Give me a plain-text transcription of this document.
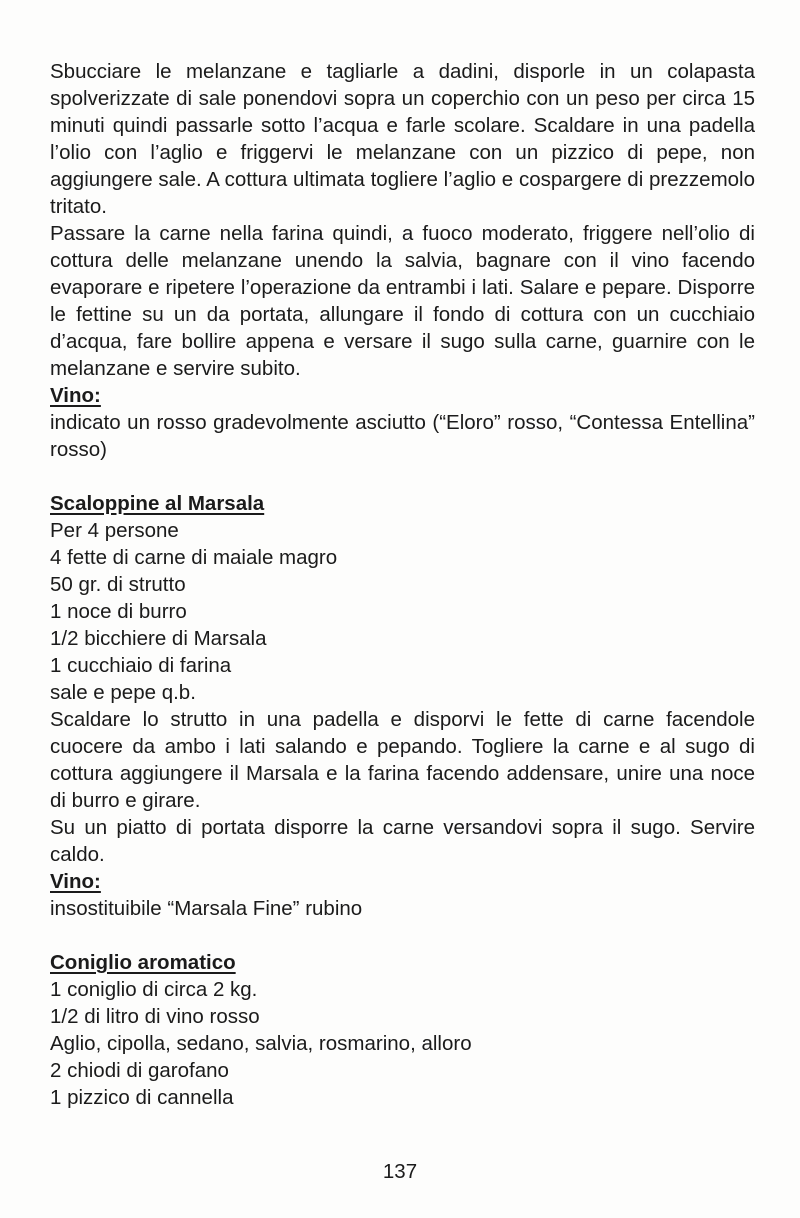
Sbucciare le melanzane e tagliarle a dadini, disporle in un colapasta spolverizzate di sale ponendovi sopra un coperchio con un peso per circa 15 minuti quindi passarle sotto l’acqua e farle scolare. Scaldare in una padella l’olio con l’aglio e friggervi le melanzane con un pizzico di pepe, non aggiungere sale. A cottura ultimata togliere l’aglio e cospargere di prezzemolo tritato.

Passare la carne nella farina quindi, a fuoco moderato, friggere nell’olio di cottura delle melanzane unendo la salvia, bagnare con il vino facendo evaporare e ripetere l’operazione da entrambi i lati. Salare e pepare. Disporre le fettine su un da portata, allungare il fondo di cottura con un cucchiaio d’acqua, fare bollire appena e versare il sugo sulla carne, guarnire con le melanzane e servire subito.

Vino:

indicato un rosso gradevolmente asciutto (“Eloro” rosso, “Contessa Entellina” rosso)

Scaloppine al Marsala
Per 4 persone
4 fette di carne di maiale magro
50 gr. di strutto
1 noce di burro
1/2 bicchiere di Marsala
1 cucchiaio di farina
sale e pepe q.b.

Scaldare lo strutto in una padella e disporvi le fette di carne facendole cuocere da ambo i lati salando e pepando. Togliere la carne e al sugo di cottura aggiungere il Marsala e la farina facendo addensare, unire una noce di burro e girare.

Su un piatto di portata disporre la carne versandovi sopra il sugo. Servire caldo.

Vino:
insostituibile “Marsala Fine” rubino
Coniglio aromatico
1 coniglio di circa 2 kg.
1/2 di litro di vino rosso
Aglio, cipolla, sedano, salvia, rosmarino, alloro
2 chiodi di garofano
1 pizzico di cannella
137
